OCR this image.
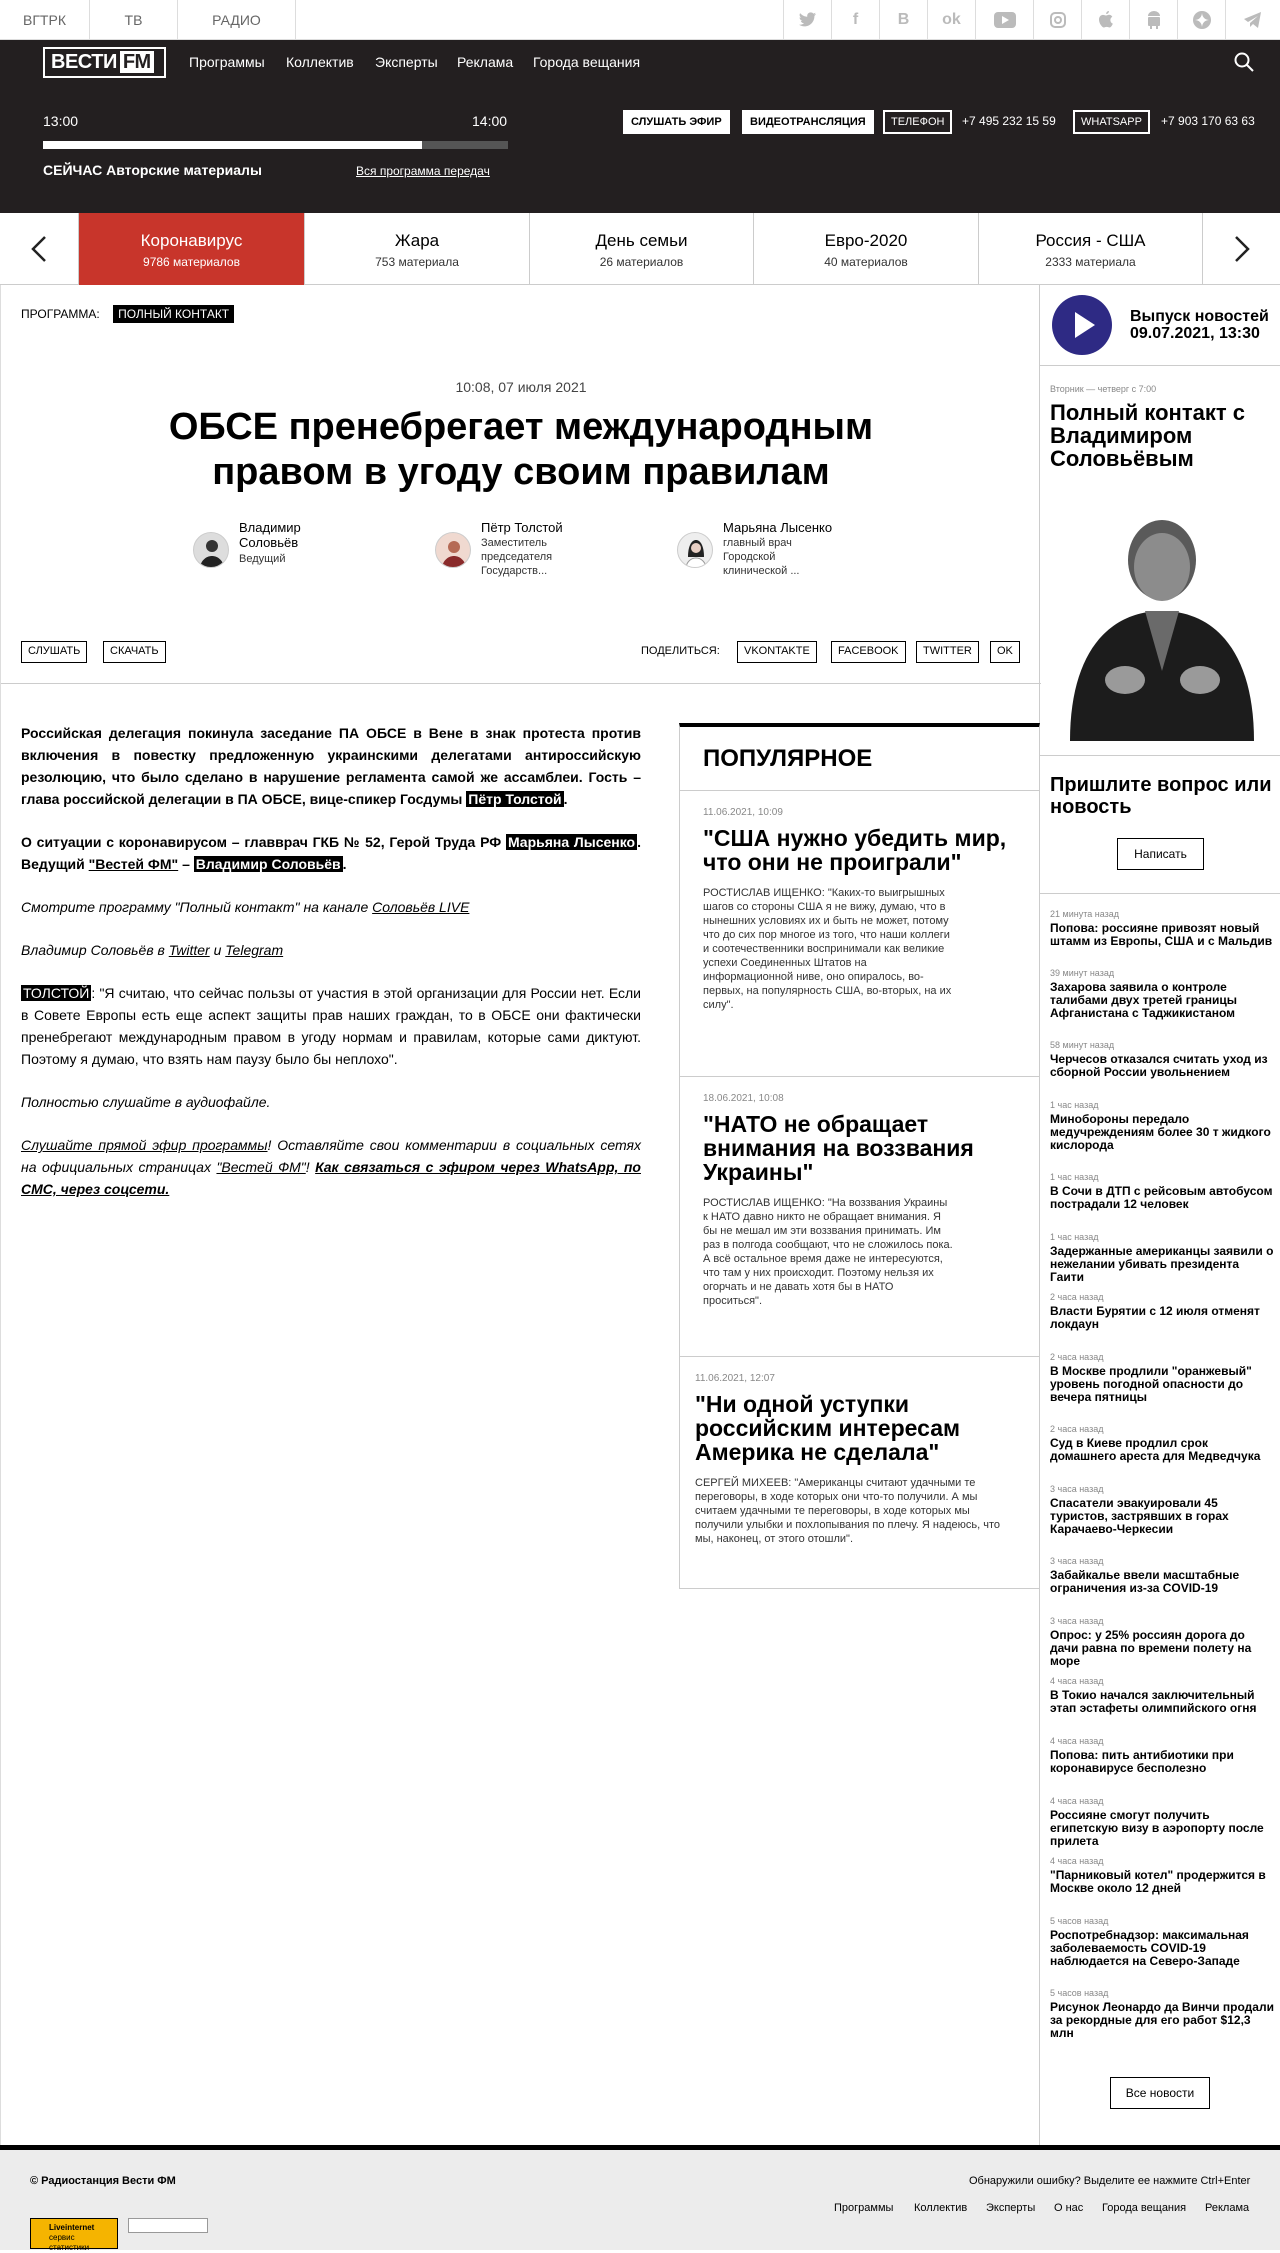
ВГТРК	ТВ	РАДИО	f	B	ok
ВЕСТИ FM	Программы Коллектив Эксперты Реклама Города вещания
13:00	14:00
СЕЙЧАС Авторские материалы	Вся программа передач
СЛУШАТЬ ЭФИР	ВИДЕОТРАНСЛЯЦИЯ	ТЕЛЕФОН	+7 495 232 15 59	WHATSAPP	+7 903 170 63 63
Коронавирус
9786 материалов
Жара
753 материала
День семьи
26 материалов
Евро-2020
40 материалов
Россия - США
2333 материала
ПРОГРАММА: ПОЛНЫЙ КОНТАКТ
10:08, 07 июля 2021
ОБСЕ пренебрегает международным правом в угоду своим правилам
Владимир Соловьёв
Ведущий
Пётр Толстой
Заместитель председателя Государств...
Марьяна Лысенко
главный врач Городской клинической ...
СЛУШАТЬ	СКАЧАТЬ	ПОДЕЛИТЬСЯ:	VKONTAKTE	FACEBOOK	TWITTER	OK

Российская делегация покинула заседание ПА ОБСЕ в Вене в знак протеста против включения в повестку предложенную украинскими делегатами антироссийскую резолюцию, что было сделано в нарушение регламента самой же ассамблеи. Гость – глава российской делегации в ПА ОБСЕ, вице-спикер Госдумы Пётр Толстой .

О ситуации с коронавирусом – главврач ГКБ № 52, Герой Труда РФ Марьяна Лысенко . Ведущий "Вестей ФМ" – Владимир Соловьёв .

Смотрите программу "Полный контакт" на канале Соловьёв LIVE

Владимир Соловьёв в Twitter и Telegram

ТОЛСТОЙ : "Я считаю, что сейчас пользы от участия в этой организации для России нет. Если в Совете Европы есть еще аспект защиты прав наших граждан, то в ОБСЕ они фактически пренебрегают международным правом в угоду нормам и правилам, которые сами диктуют. Поэтому я думаю, что взять нам паузу было бы неплохо".

Полностью слушайте в аудиофайле.

Слушайте прямой эфир программы! Оставляйте свои комментарии в социальных сетях на официальных страницах "Вестей ФМ"! Как связаться с эфиром через WhatsApp, по СМС, через соцсети.

ПОПУЛЯРНОЕ
11.06.2021, 10:09
"США нужно убедить мир, что они не проиграли"
РОСТИСЛАВ ИЩЕНКО: "Каких-то выигрышных шагов со стороны США я не вижу, думаю, что в нынешних условиях их и быть не может, потому что до сих пор многое из того, что наши коллеги и соотечественники воспринимали как великие успехи Соединенных Штатов на информационной ниве, оно опиралось, во-первых, на популярность США, во-вторых, на их силу".
18.06.2021, 10:08
"НАТО не обращает внимания на воззвания Украины"
РОСТИСЛАВ ИЩЕНКО: "На воззвания Украины к НАТО давно никто не обращает внимания. Я бы не мешал им эти воззвания принимать. Им раз в полгода сообщают, что не сложилось пока. А всё остальное время даже не интересуются, что там у них происходит. Поэтому нельзя их огорчать и не давать хотя бы в НАТО проситься".
11.06.2021, 12:07
"Ни одной уступки российским интересам Америка не сделала"
СЕРГЕЙ МИХЕЕВ: "Американцы считают удачными те переговоры, в ходе которых они что-то получили. А мы считаем удачными те переговоры, в ходе которых мы получили улыбки и похлопывания по плечу. Я надеюсь, что мы, наконец, от этого отошли".
Выпуск новостей
09.07.2021, 13:30
Вторник — четверг с 7:00
Полный контакт с Владимиром Соловьёвым
Пришлите вопрос или новость
Написать
21 минута назад
Попова: россияне привозят новый штамм из Европы, США и с Мальдив
39 минут назад
Захарова заявила о контроле талибами двух третей границы Афганистана с Таджикистаном
58 минут назад
Черчесов отказался считать уход из сборной России увольнением
1 час назад
Минобороны передало медучреждениям более 30 т жидкого кислорода
1 час назад
В Сочи в ДТП с рейсовым автобусом пострадали 12 человек
1 час назад
Задержанные американцы заявили о нежелании убивать президента Гаити
2 часа назад
Власти Бурятии с 12 июля отменят локдаун
2 часа назад
В Москве продлили "оранжевый" уровень погодной опасности до вечера пятницы
2 часа назад
Суд в Киеве продлил срок домашнего ареста для Медведчука
3 часа назад
Спасатели эвакуировали 45 туристов, застрявших в горах Карачаево-Черкесии
3 часа назад
Забайкалье ввели масштабные ограничения из-за COVID-19
3 часа назад
Опрос: у 25% россиян дорога до дачи равна по времени полету на море
4 часа назад
В Токио начался заключительный этап эстафеты олимпийского огня
4 часа назад
Попова: пить антибиотики при коронавирусе бесполезно
4 часа назад
Россияне смогут получить египетскую визу в аэропорту после прилета
4 часа назад
"Парниковый котел" продержится в Москве около 12 дней
5 часов назад
Роспотребнадзор: максимальная заболеваемость COVID-19 наблюдается на Северо-Западе
5 часов назад
Рисунок Леонардо да Винчи продали за рекордные для его работ $12,3 млн
Все новости
© Радиостанция Вести ФМ	Обнаружили ошибку? Выделите ее нажмите Ctrl+Enter
Программы Коллектив Эксперты О нас Города вещания Реклама
Liveinternet
сервис статистики
